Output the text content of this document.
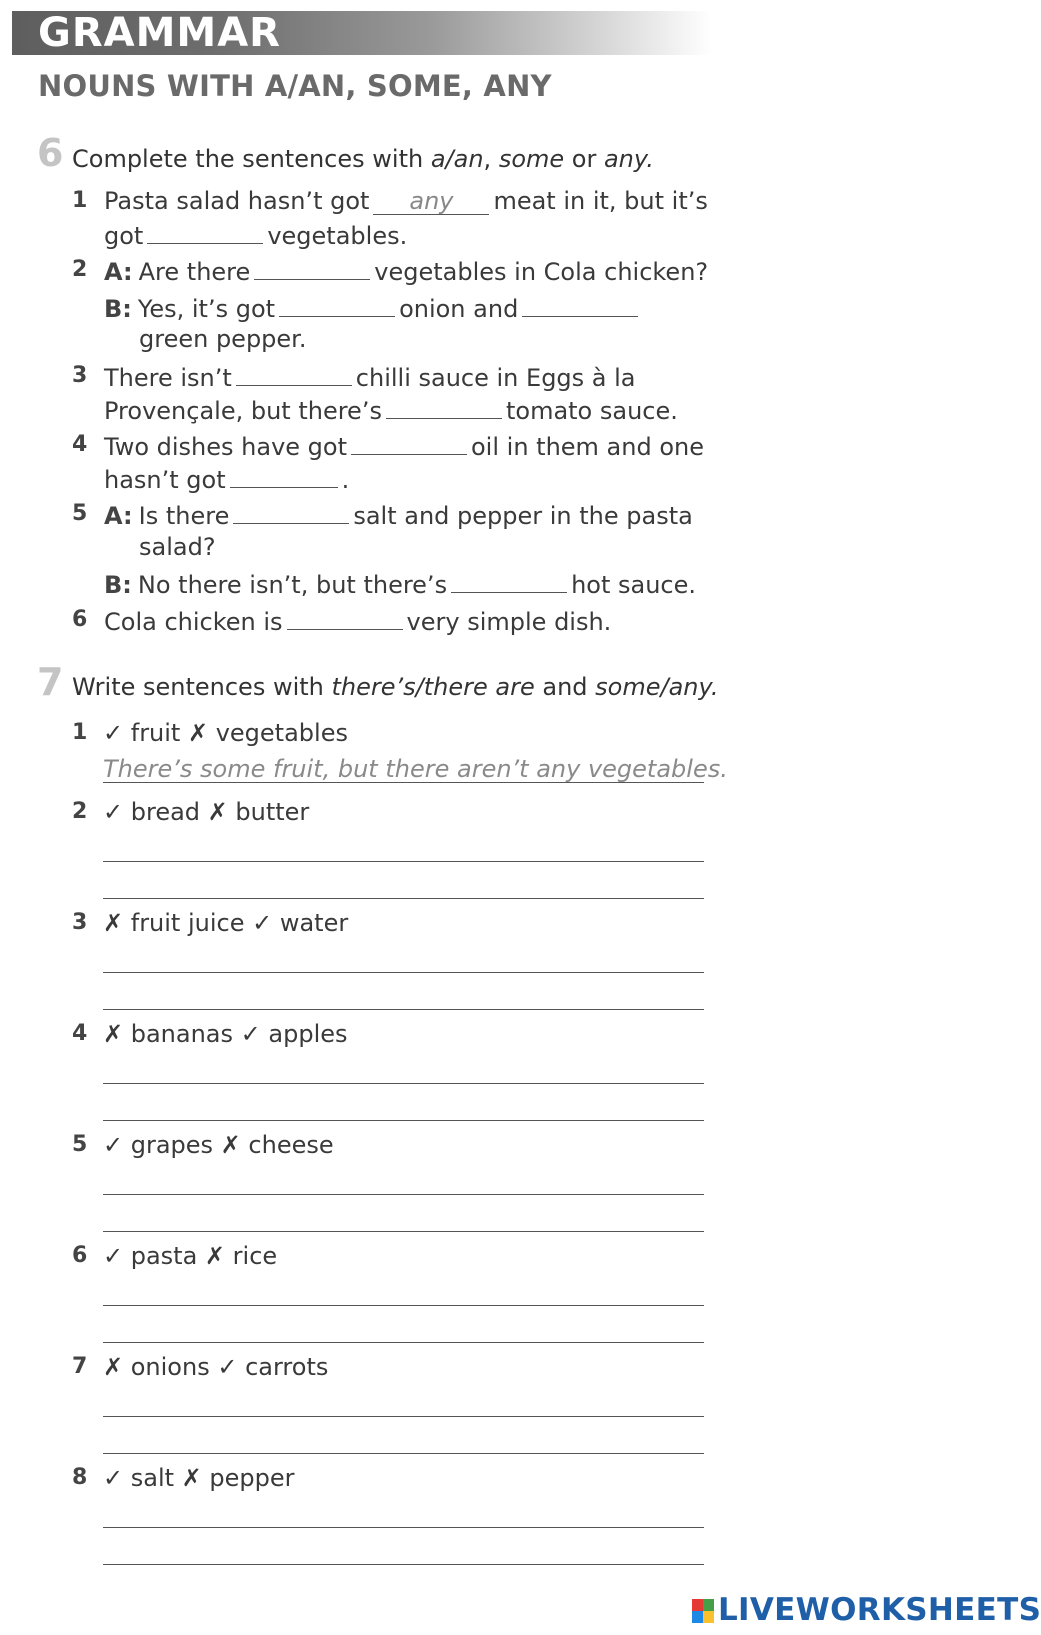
GRAMMAR
NOUNS WITH A/AN, SOME, ANY
6 Complete the sentences with a/an, some or any.
1 Pasta salad hasn’t got any meat in it, but it’s
got	vegetables.
2 A: Are there	vegetables in Cola chicken?
B: Yes, it’s got	onion and
green pepper.
3 There isn’t	chilli sauce in Eggs à la
Provençale, but there’s	tomato sauce.
4 Two dishes have got	oil in them and one
hasn’t got	.
5 A: Is there	salt and pepper in the pasta
salad?
B: No there isn’t, but there’s	hot sauce.
6 Cola chicken is	very simple dish.
7 Write sentences with there’s/there are and some/any.
1 ✓ fruit ✗ vegetables
There’s some fruit, but there aren’t any vegetables.
2 ✓ bread ✗ butter
3 ✗ fruit juice ✓ water
4 ✗ bananas ✓ apples
5 ✓ grapes ✗ cheese
6 ✓ pasta ✗ rice
7 ✗ onions ✓ carrots
8 ✓ salt ✗ pepper
LIVEWORKSHEETS
